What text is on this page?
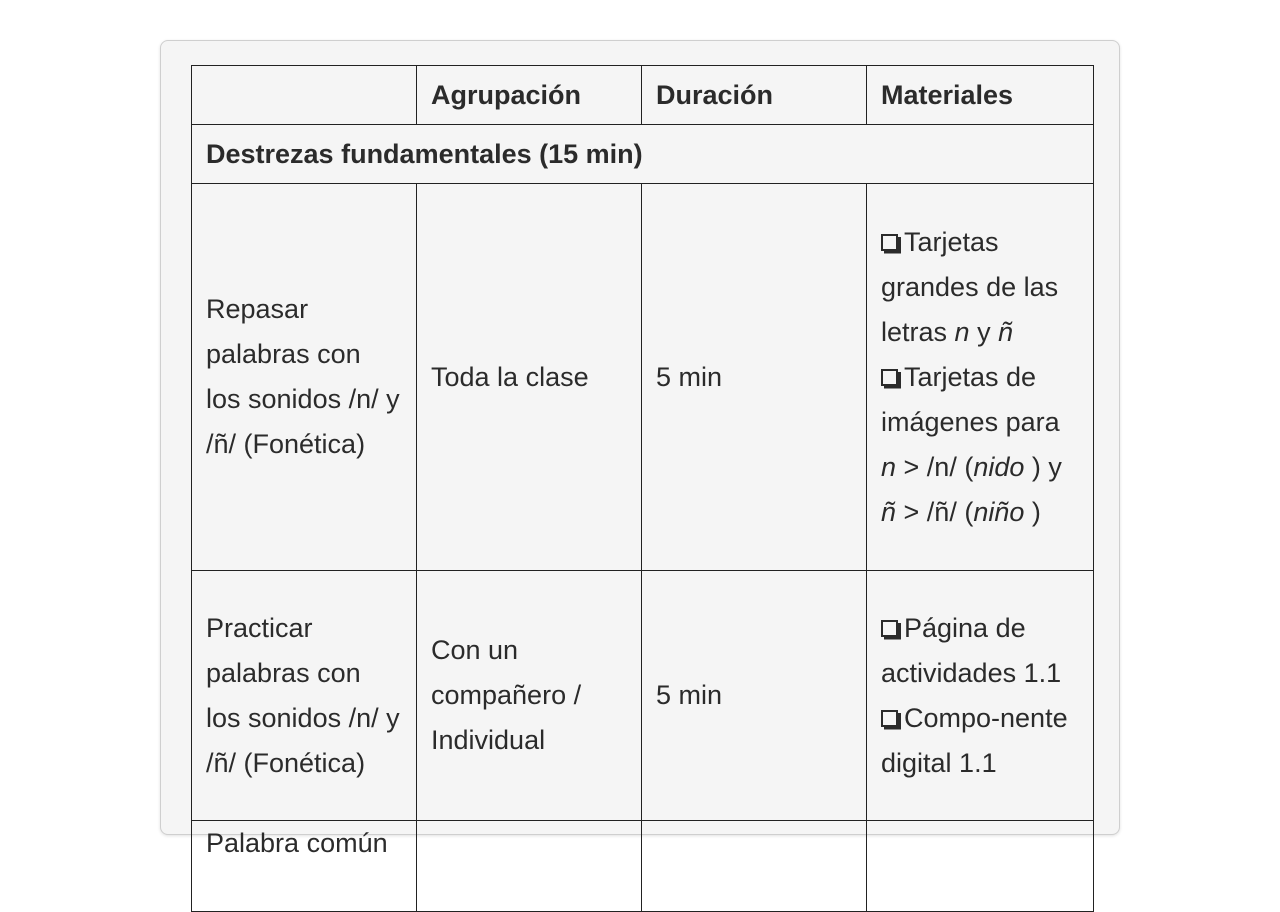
	Agrupación	Duración	Materiales
Destrezas fundamentales (15 min)			
Repasar palabras con los sonidos /n/ y /ñ/ (Fonética)	Toda la clase	5 min	Tarjetas grandes de las letras n y ñ
Tarjetas de imágenes para n > /n/ (nido ) y ñ > /ñ/ (niño )

Practicar palabras con los sonidos /n/ y /ñ/ (Fonética)	Con un compañero / Individual	5 min	Página de actividades 1.1
Compo-nente digital 1.1

Palabra común			
